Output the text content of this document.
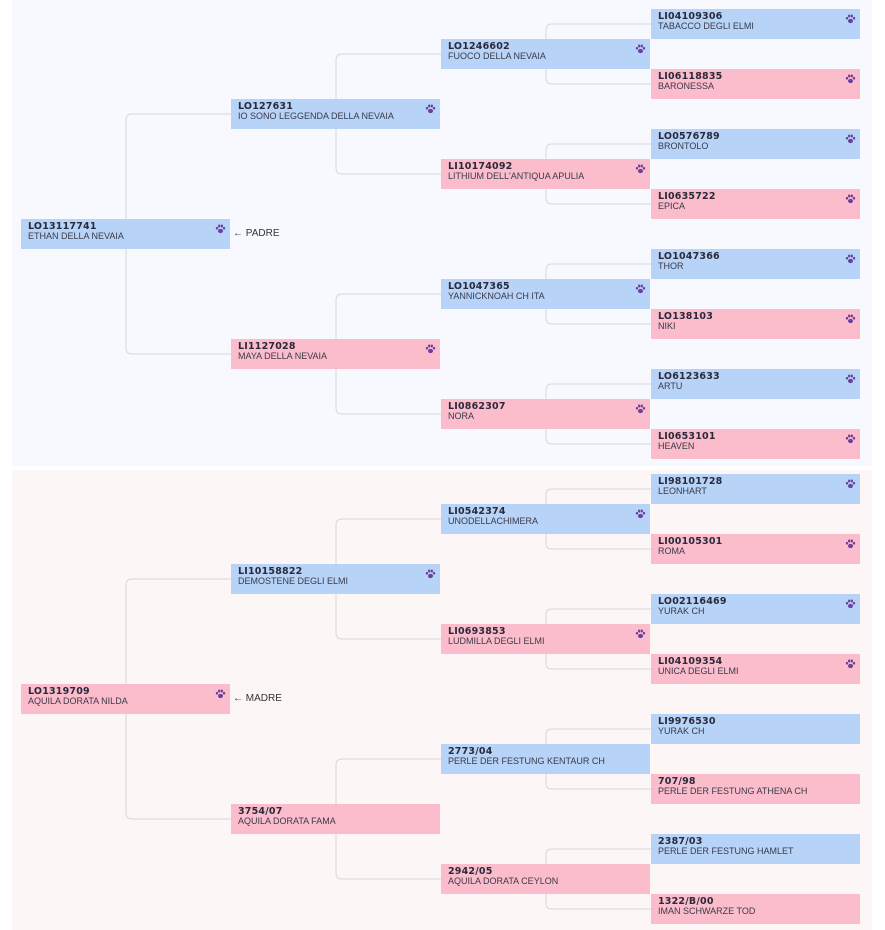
LO13117741
ETHAN DELLA NEVAIA
LO127631
IO SONO LEGGENDA DELLA NEVAIA
LO1246602
FUOCO DELLA NEVAIA
LI04109306
TABACCO DEGLI ELMI
LI06118835
BARONESSA
LI10174092
LITHIUM DELL'ANTIQUA APULIA
LO0576789
BRONTOLO
LI0635722
EPICA
LI1127028
MAYA DELLA NEVAIA
LO1047365
YANNICKNOAH CH ITA
LO1047366
THOR
LO138103
NIKI
LI0862307
NORA
LO6123633
ARTU
LI0653101
HEAVEN
LO1319709
AQUILA DORATA NILDA
LI10158822
DEMOSTENE DEGLI ELMI
LI0542374
UNODELLACHIMERA
LI98101728
LEONHART
LI00105301
ROMA
LI0693853
LUDMILLA DEGLI ELMI
LO02116469
YURAK CH
LI04109354
UNICA DEGLI ELMI
3754/07
AQUILA DORATA FAMA
2773/04
PERLE DER FESTUNG KENTAUR CH
LI9976530
YURAK CH
707/98
PERLE DER FESTUNG ATHENA CH
2942/05
AQUILA DORATA CEYLON
2387/03
PERLE DER FESTUNG HAMLET
1322/B/00
IMAN SCHWARZE TOD
← PADRE
← MADRE
